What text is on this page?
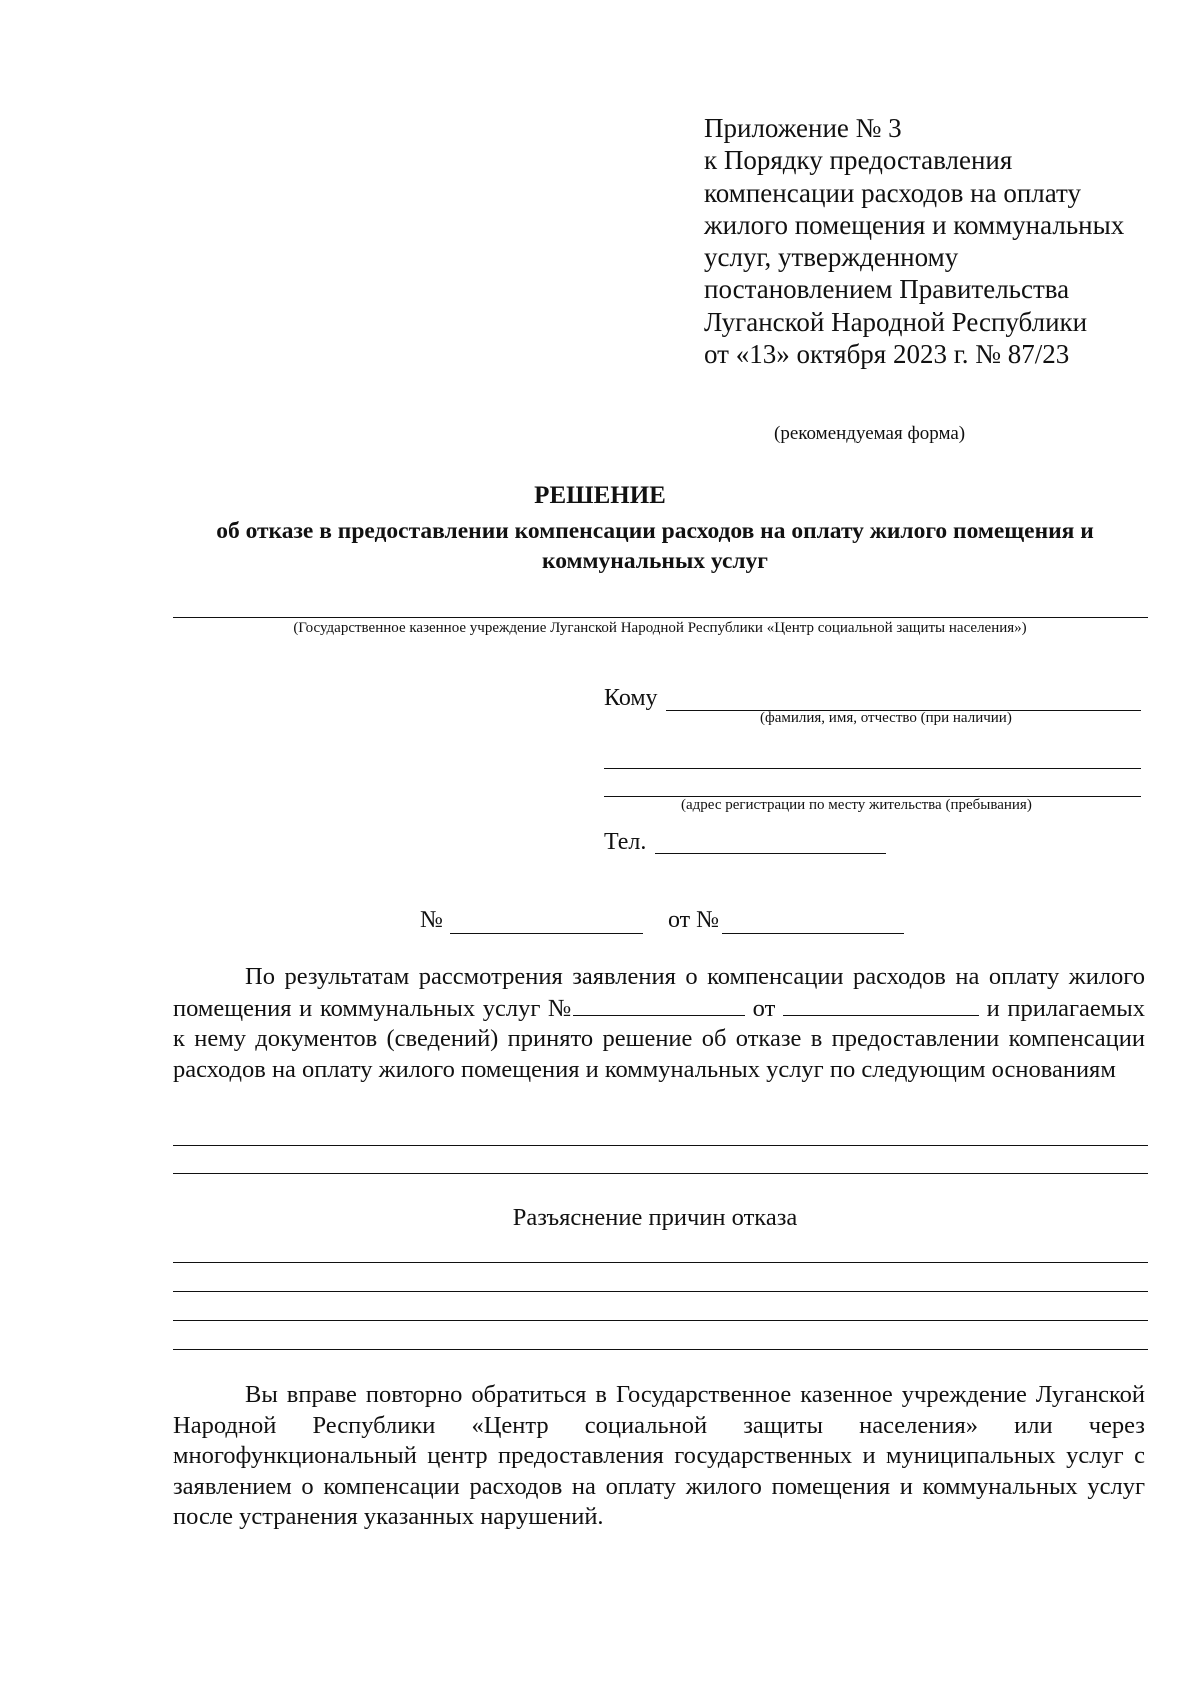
Приложение № 3
к Порядку предоставления
компенсации расходов на оплату
жилого помещения и коммунальных
услуг, утвержденному
постановлением Правительства
Луганской Народной Республики
от «13» октября 2023 г. № 87/23
(рекомендуемая форма)
РЕШЕНИЕ
об отказе в предоставлении компенсации расходов на оплату жилого помещения и коммунальных услуг
(Государственное казенное учреждение Луганской Народной Республики «Центр социальной защиты населения»)
Кому
(фамилия, имя, отчество (при наличии)
(адрес регистрации по месту жительства (пребывания)
Тел.
№	от №
По результатам рассмотрения заявления о компенсации расходов на оплату жилого помещения и коммунальных услуг №	от	и прилагаемых к нему документов (сведений) принято решение об отказе в предоставлении компенсации расходов на оплату жилого помещения и коммунальных услуг по следующим основаниям
Разъяснение причин отказа
Вы вправе повторно обратиться в Государственное казенное учреждение Луганской Народной Республики «Центр социальной защиты населения» или через многофункциональный центр предоставления государственных и муниципальных услуг с заявлением о компенсации расходов на оплату жилого помещения и коммунальных услуг после устранения указанных нарушений.
